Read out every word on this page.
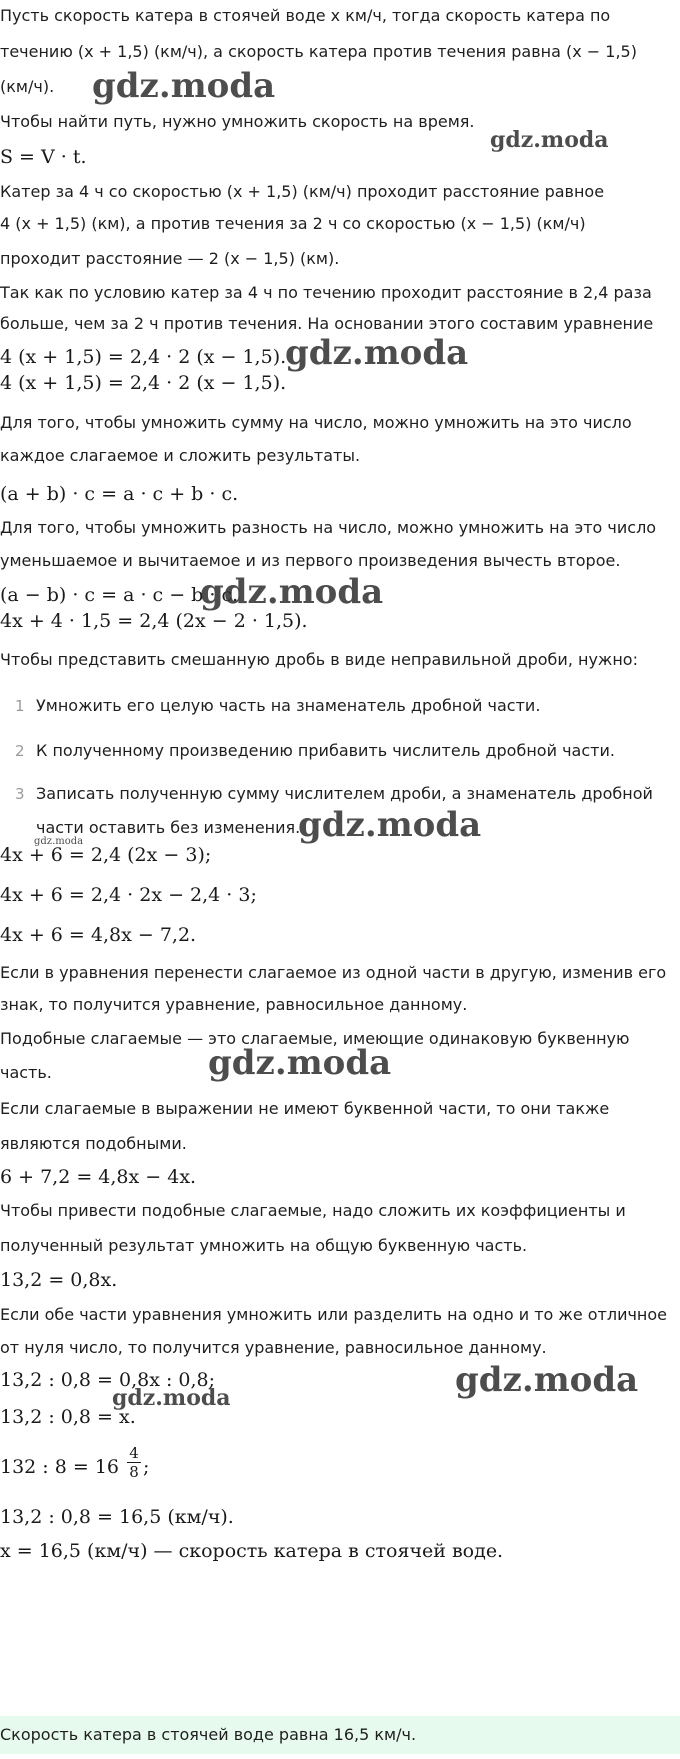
Пусть скорость катера в стоячей воде x км/ч, тогда скорость катера по
течению (x + 1,5) (км/ч), а скорость катера против течения равна (x − 1,5)
(км/ч).
Чтобы найти путь, нужно умножить скорость на время.
S = V · t.
Катер за 4 ч со скоростью (x + 1,5) (км/ч) проходит расстояние равное
4 (x + 1,5) (км), а против течения за 2 ч со скоростью (x − 1,5) (км/ч)
проходит расстояние — 2 (x − 1,5) (км).
Так как по условию катер за 4 ч по течению проходит расстояние в 2,4 раза
больше, чем за 2 ч против течения. На основании этого составим уравнение
4 (x + 1,5) = 2,4 · 2 (x − 1,5).
4 (x + 1,5) = 2,4 · 2 (x − 1,5).
Для того, чтобы умножить сумму на число, можно умножить на это число
каждое слагаемое и сложить результаты.
(a + b) · c = a · c + b · c.
Для того, чтобы умножить разность на число, можно умножить на это число
уменьшаемое и вычитаемое и из первого произведения вычесть второе.
(a − b) · c = a · c − b · c.
4x + 4 · 1,5 = 2,4 (2x − 2 · 1,5).
Чтобы представить смешанную дробь в виде неправильной дроби, нужно:
1 Умножить его целую часть на знаменатель дробной части.
2 К полученному произведению прибавить числитель дробной части.
3 Записать полученную сумму числителем дроби, а знаменатель дробной
части оставить без изменения.
4x + 6 = 2,4 (2x − 3);
4x + 6 = 2,4 · 2x − 2,4 · 3;
4x + 6 = 4,8x − 7,2.
Если в уравнения перенести слагаемое из одной части в другую, изменив его
знак, то получится уравнение, равносильное данному.
Подобные слагаемые — это слагаемые, имеющие одинаковую буквенную
часть.
Если слагаемые в выражении не имеют буквенной части, то они также
являются подобными.
6 + 7,2 = 4,8x − 4x.
Чтобы привести подобные слагаемые, надо сложить их коэффициенты и
полученный результат умножить на общую буквенную часть.
13,2 = 0,8x.
Если обе части уравнения умножить или разделить на одно и то же отличное
от нуля число, то получится уравнение, равносильное данному.
13,2 : 0,8 = 0,8x : 0,8;
13,2 : 0,8 = x.
132 : 8 = 16
4
8 ;
13,2 : 0,8 = 16,5 (км/ч).
x = 16,5 (км/ч) — скорость катера в стоячей воде.
Скорость катера в стоячей воде равна 16,5 км/ч.
gdz.moda
gdz.moda
gdz.moda
gdz.moda
gdz.moda
gdz.moda
gdz.moda
gdz.moda	gdz.moda
